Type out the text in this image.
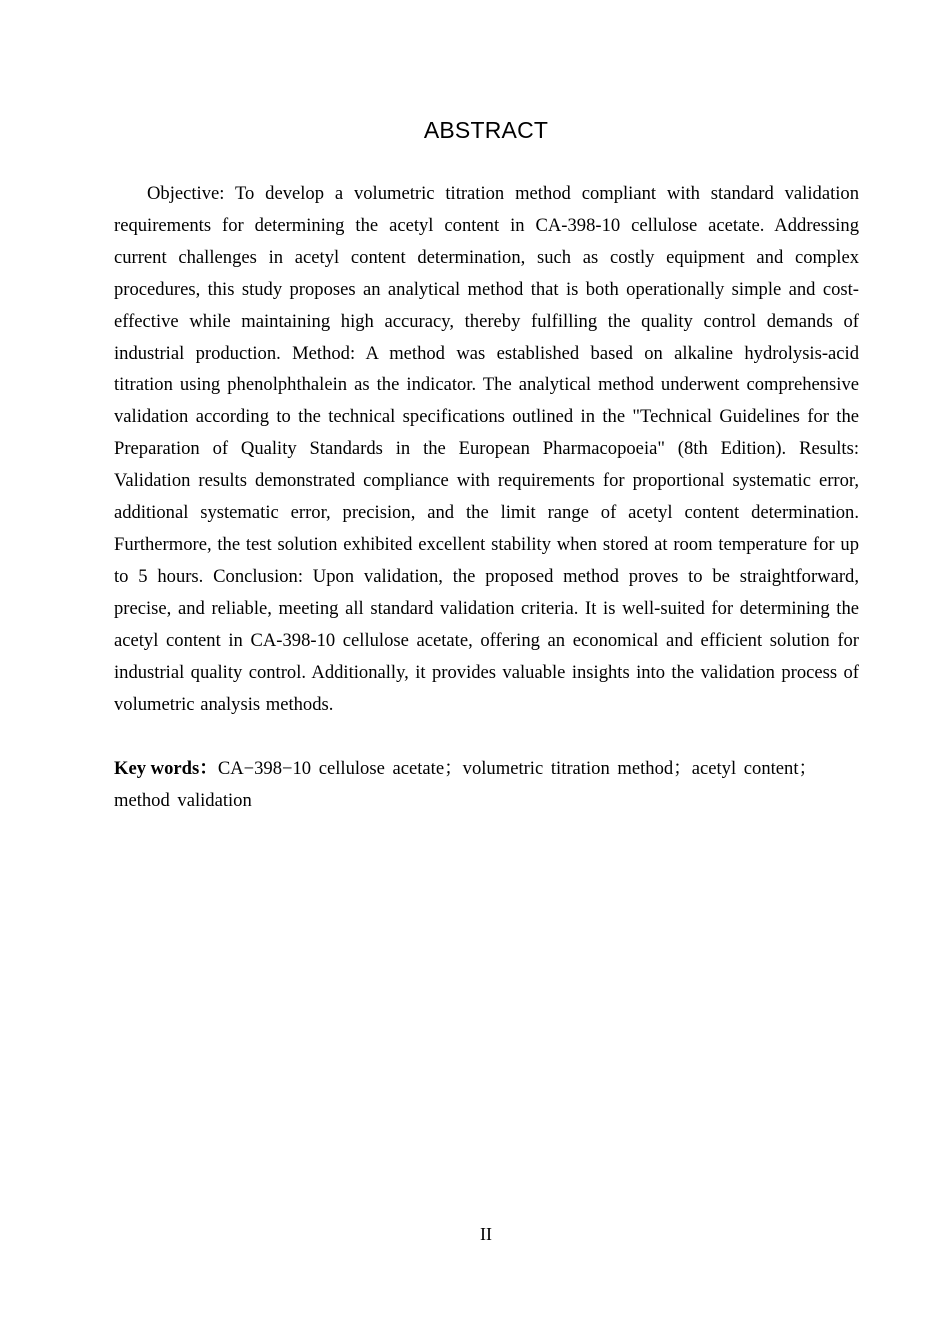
ABSTRACT

Objective: To develop a volumetric titration method compliant with standard validation requirements for determining the acetyl content in CA-398-10 cellulose acetate. Addressing current challenges in acetyl content determination, such as costly equipment and complex procedures, this study proposes an analytical method that is both operationally simple and cost-effective while maintaining high accuracy, thereby fulfilling the quality control demands of industrial production. Method: A method was established based on alkaline hydrolysis-acid titration using phenolphthalein as the indicator. The analytical method underwent comprehensive validation according to the technical specifications outlined in the "Technical Guidelines for the Preparation of Quality Standards in the European Pharmacopoeia" (8th Edition). Results: Validation results demonstrated compliance with requirements for proportional systematic error, additional systematic error, precision, and the limit range of acetyl content determination. Furthermore, the test solution exhibited excellent stability when stored at room temperature for up to 5 hours. Conclusion: Upon validation, the proposed method proves to be straightforward, precise, and reliable, meeting all standard validation criteria. It is well-suited for determining the acetyl content in CA-398-10 cellulose acetate, offering an economical and efficient solution for industrial quality control. Additionally, it provides valuable insights into the validation process of volumetric analysis methods.

Key words：CA−398−10 cellulose acetate；volumetric titration method；acetyl content；method validation

II
